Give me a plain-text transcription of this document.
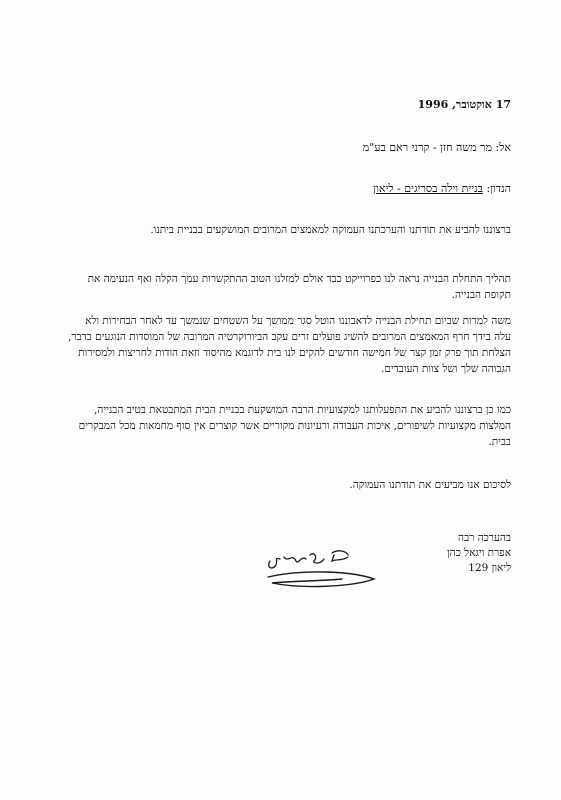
17 אוקטובר, 1996
אל: מר משה חזן - קרני ראם בע"מ
הנדון: בניית וילה בסריגים - ליאון
ברצוננו להביע את תודתנו והערכתנו העמוקה למאמצים המרובים המושקעים בבניית ביתנו.
תהליך התחלת הבנייה נראה לנו כפרוייקט כבד אולם למזלנו הטוב ההתקשרות עמך הקלה ואף הנעימה את תקופת הבנייה.
משה למרות שביום תחילת הבנייה לדאבוננו הוטל סגר ממושך על השטחים שנמשך עד לאחר הבחירות ולא עלה בידך חרף המאמצים המרובים להשיג פועלים זרים עקב הביורוקרטיה המרובה של המוסדות הנוגעים בדבר, הצלחת תוך פרק זמן קצר של חמישה חודשים להקים לנו בית לדוגמא מהיסוד וזאת הודות לחריצות ולמסירות הגבוהה שלך ושל צוות העובדים.
כמו כן ברצוננו להביע את התפעלותנו למקצועיות הרבה המושקעת בבניית הבית המתבטאת בטיב הבנייה, המלצות מקצועיות לשיפורים, איכות העבודה ורעיונות מקוריים אשר קוצרים אין סוף מחמאות מכל המבקרים בבית.
לסיכום אנו מביעים את תודתנו העמוקה.
בהערכה רבה
אפרת ויגאל כהן
ליאון 129
